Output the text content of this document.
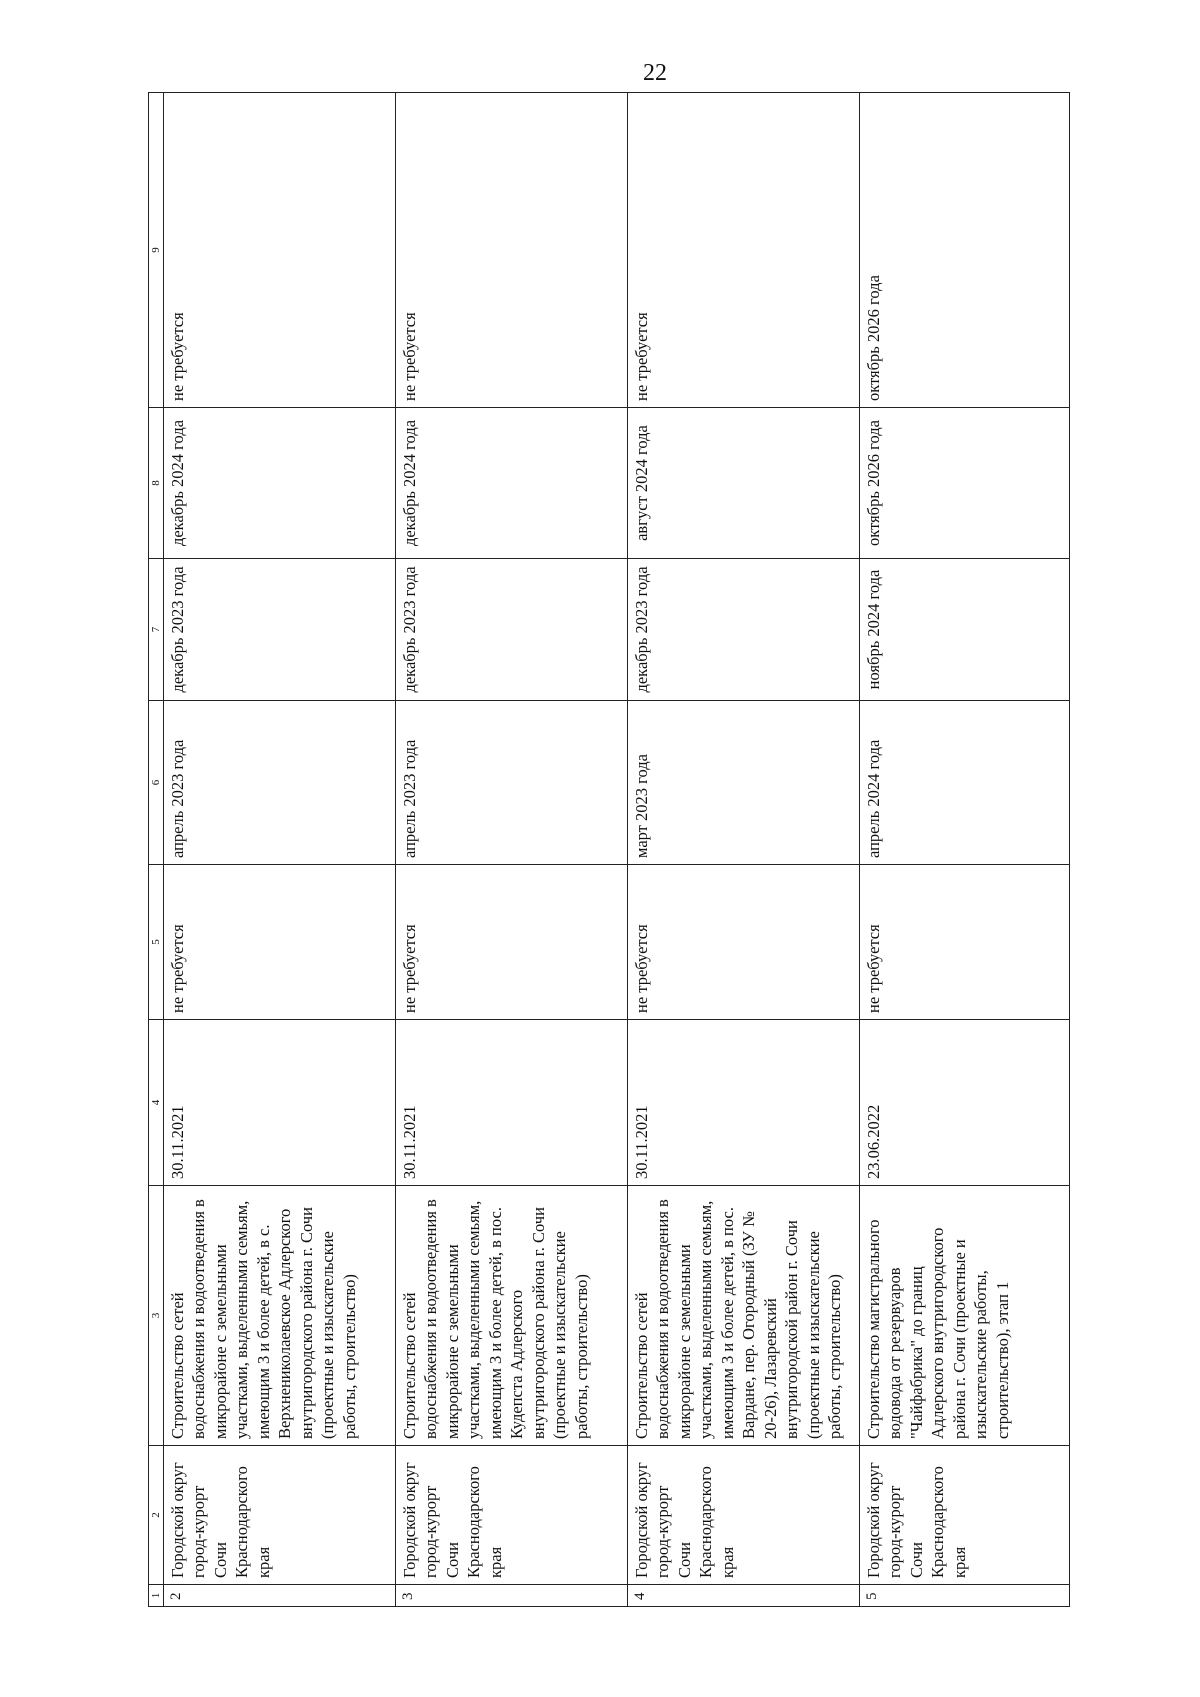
22
1	2	3	4	5	6	7	8	9
2	Городской округ город-курорт Сочи Краснодарского края	Строительство сетей водоснабжения и водоотведения в микрорайоне с земельными участками, выделенными семьям, имеющим 3 и более детей, в с. Верхнениколаевское Адлерского внутригородского района г. Сочи (проектные и изыскательские работы, строительство)	30.11.2021	не требуется	апрель 2023 года	декабрь 2023 года	декабрь 2024 года	не требуется
3	Городской округ город-курорт Сочи Краснодарского края	Строительство сетей водоснабжения и водоотведения в микрорайоне с земельными участками, выделенными семьям, имеющим 3 и более детей, в пос. Кудепста Адлерского внутригородского района г. Сочи (проектные и изыскательские работы, строительство)	30.11.2021	не требуется	апрель 2023 года	декабрь 2023 года	декабрь 2024 года	не требуется
4	Городской округ город-курорт Сочи Краснодарского края	Строительство сетей водоснабжения и водоотведения в микрорайоне с земельными участками, выделенными семьям, имеющим 3 и более детей, в пос. Вардане, пер. Огородный (ЗУ № 20-26), Лазаревский внутригородской район г. Сочи (проектные и изыскательские работы, строительство)	30.11.2021	не требуется	март 2023 года	декабрь 2023 года	август 2024 года	не требуется
5	Городской округ город-курорт Сочи Краснодарского края	Строительство магистрального водовода от резервуаров "Чайфабрика" до границ Адлерского внутригородского района г. Сочи (проектные и изыскательские работы, строительство), этап 1	23.06.2022	не требуется	апрель 2024 года	ноябрь 2024 года	октябрь 2026 года	октябрь 2026 года
